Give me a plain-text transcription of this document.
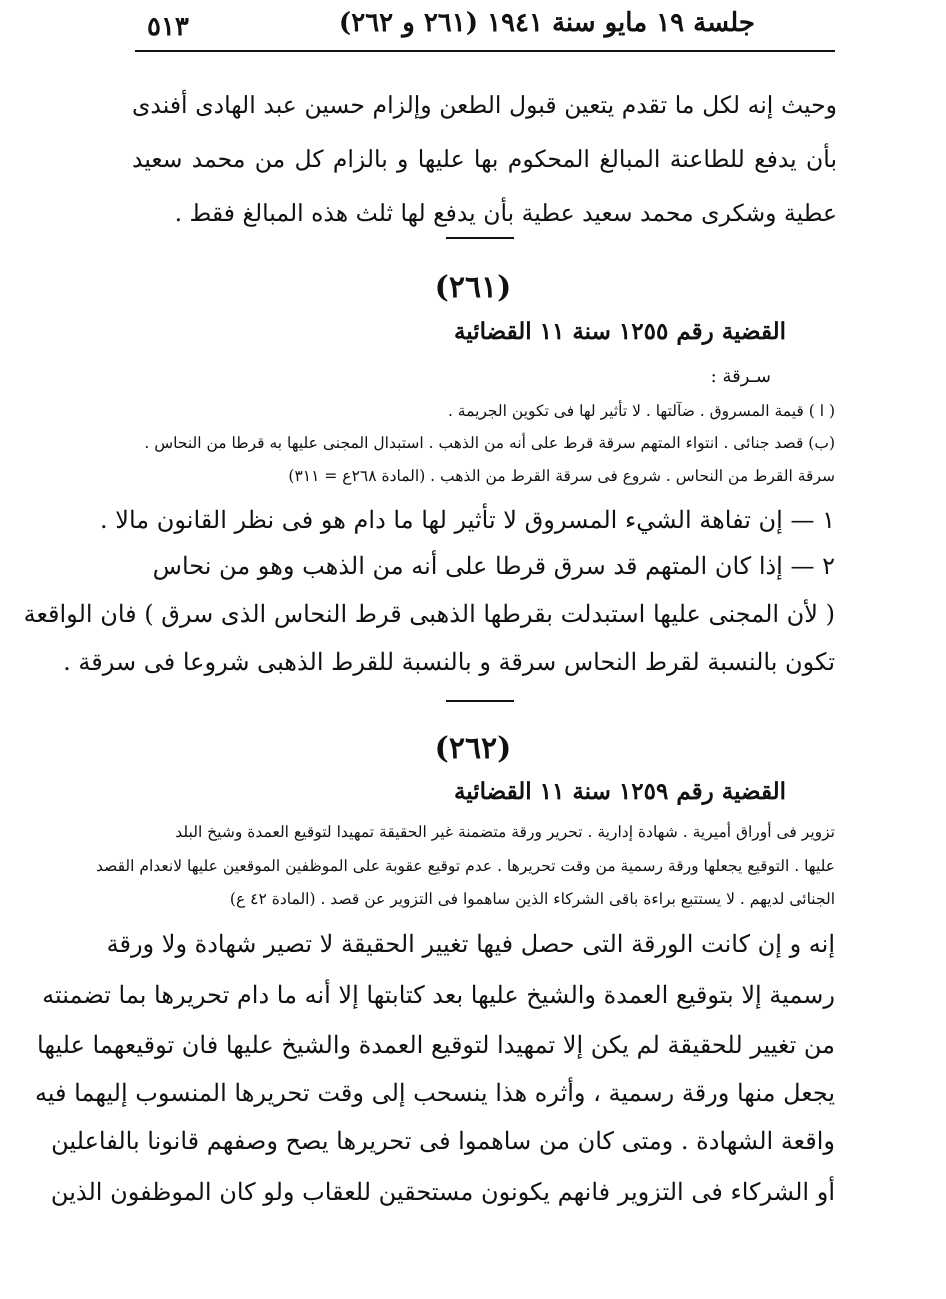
جلسة ١٩ مايو سنة ١٩٤١ (٢٦١ و ٢٦٢)
٥١٣

وحيث إنه لكل ما تقدم يتعين قبول الطعن وإلزام حسين عبد الهادى أفندى بأن يدفع للطاعنة المبالغ المحكوم بها عليها و بالزام كل من محمد سعيد عطية وشكرى محمد سعيد عطية بأن يدفع لها ثلث هذه المبالغ فقط .

(٢٦١)
القضية رقم ١٢٥٥ سنة ١١ القضائية
سـرقة :
( ا ) قيمة المسروق . ضآلتها . لا تأثير لها فى تكوين الجريمة .
(ب) قصد جنائى . انتواء المتهم سرقة قرط على أنه من الذهب . استبدال المجنى عليها به قرطا من النحاس .
سرقة القرط من النحاس . شروع فى سرقة القرط من الذهب . (المادة ٢٦٨ع = ٣١١)
١ — إن تفاهة الشيء المسروق لا تأثير لها ما دام هو فى نظر القانون مالا .
٢ — إذا كان المتهم قد سرق قرطا على أنه من الذهب وهو من نحاس
( لأن المجنى عليها استبدلت بقرطها الذهبى قرط النحاس الذى سرق ) فان الواقعة
تكون بالنسبة لقرط النحاس سرقة و بالنسبة للقرط الذهبى شروعا فى سرقة .
(٢٦٢)
القضية رقم ١٢٥٩ سنة ١١ القضائية
تزوير فى أوراق أميرية . شهادة إدارية . تحرير ورقة متضمنة غير الحقيقة تمهيدا لتوقيع العمدة وشيخ البلد
عليها . التوقيع يجعلها ورقة رسمية من وقت تحريرها . عدم توقيع عقوبة على الموظفين الموقعين عليها لانعدام القصد
الجنائى لديهم . لا يستتبع براءة باقى الشركاء الذين ساهموا فى التزوير عن قصد . (المادة ٤٢ ع)
إنه و إن كانت الورقة التى حصل فيها تغيير الحقيقة لا تصير شهادة ولا ورقة
رسمية إلا بتوقيع العمدة والشيخ عليها بعد كتابتها إلا أنه ما دام تحريرها بما تضمنته
من تغيير للحقيقة لم يكن إلا تمهيدا لتوقيع العمدة والشيخ عليها فان توقيعهما عليها
يجعل منها ورقة رسمية ، وأثره هذا ينسحب إلى وقت تحريرها المنسوب إليهما فيه
واقعة الشهادة . ومتى كان من ساهموا فى تحريرها يصح وصفهم قانونا بالفاعلين
أو الشركاء فى التزوير فانهم يكونون مستحقين للعقاب ولو كان الموظفون الذين
